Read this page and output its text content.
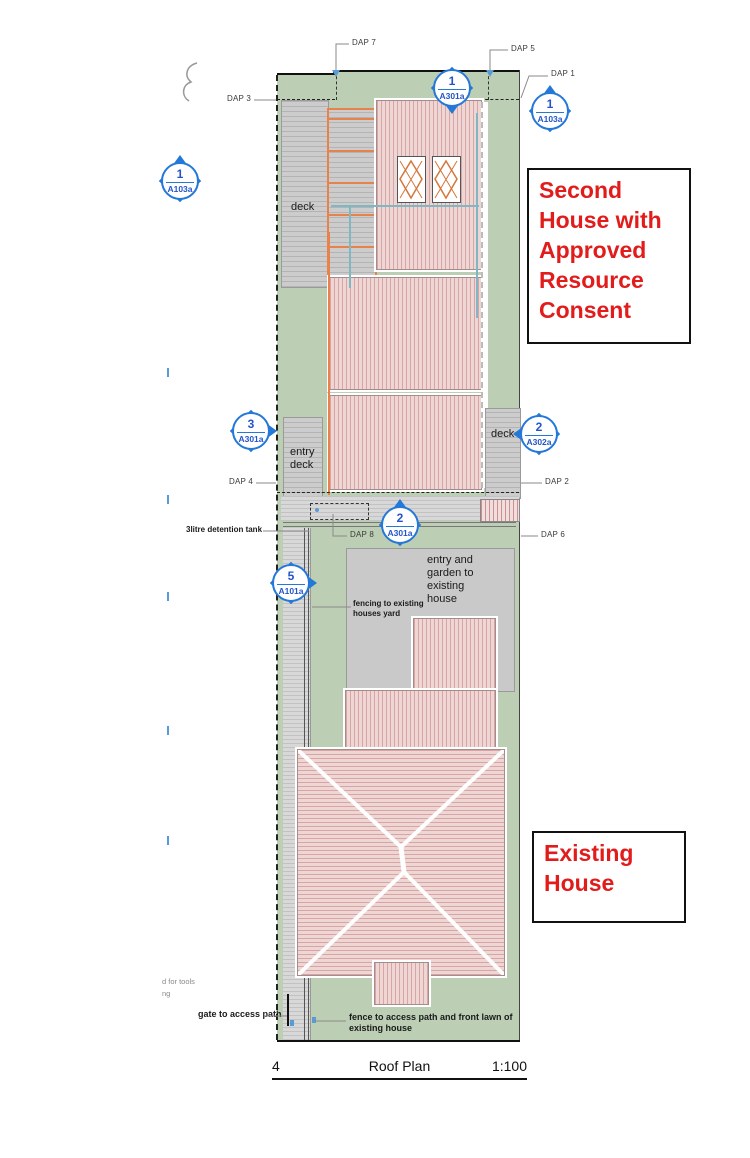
deck
entry deck
deck
entry and garden to existing house
fencing to existing houses yard
3litre detention tank
gate to access path	fence to access path and front lawn of existing house
d for tools
ng
DAP 7
DAP 5
DAP 1
DAP 3
DAP 4	DAP 2
DAP 8	DAP 6
1
A301a
1
A103a
1
A103a
3
A301a
2
A302a
2
A301a
5
A101a
Second House with Approved Resource Consent
Existing House
4	Roof Plan	1:100
